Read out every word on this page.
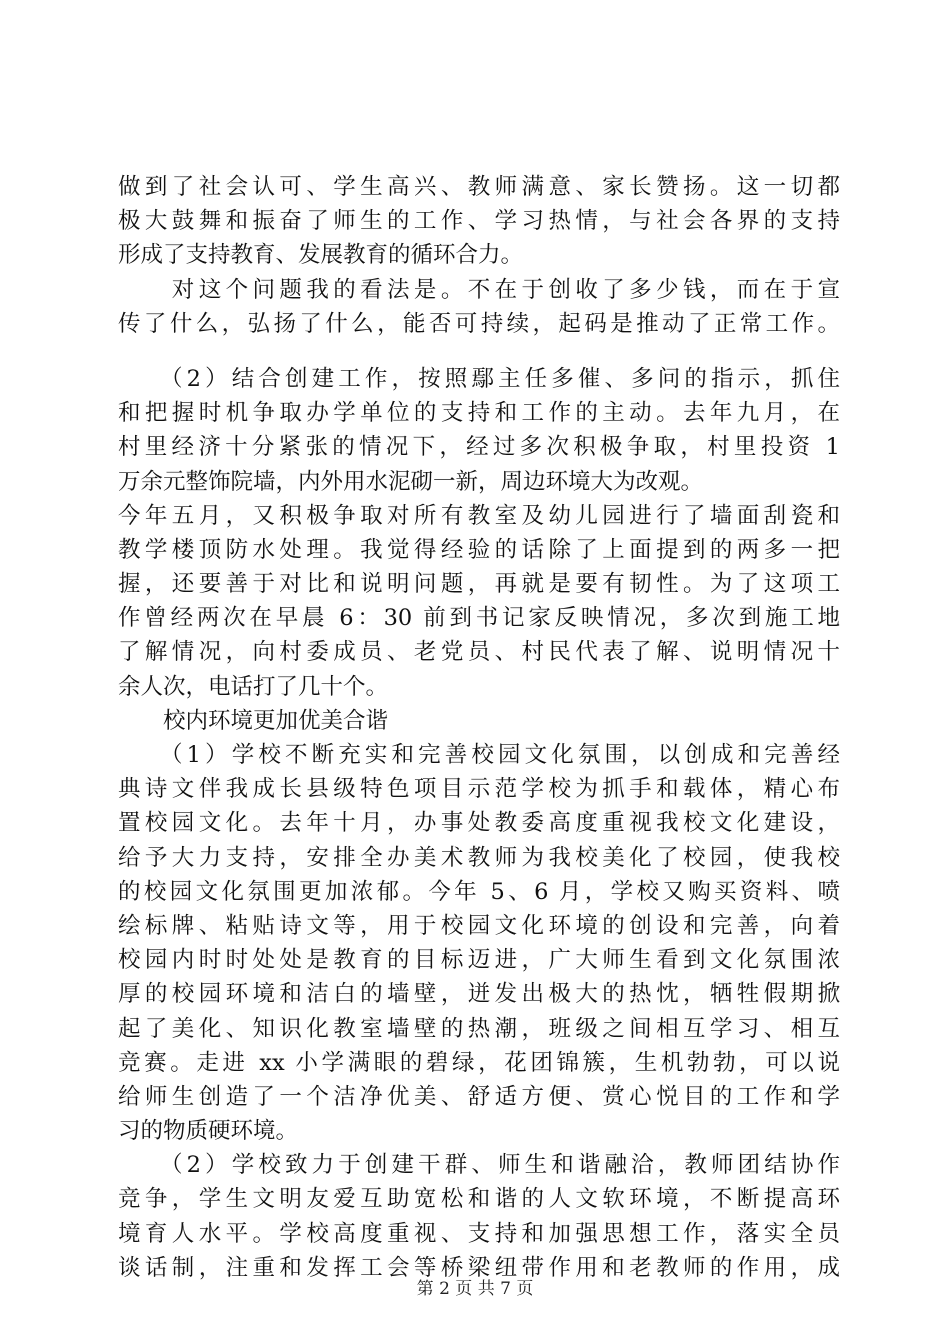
做到了社会认可、学生高兴、教师满意、家长赞扬。这一切都
极大鼓舞和振奋了师生的工作、学习热情，与社会各界的支持
形成了支持教育、发展教育的循环合力。
　　对这个问题我的看法是。不在于创收了多少钱，而在于宣
传了什么，弘扬了什么，能否可持续，起码是推动了正常工作。
　　（2）结合创建工作，按照鄢主任多催、多问的指示，抓住
和把握时机争取办学单位的支持和工作的主动。去年九月，在
村里经济十分紧张的情况下，经过多次积极争取，村里投资 1
万余元整饰院墙，内外用水泥砌一新，周边环境大为改观。
今年五月，又积极争取对所有教室及幼儿园进行了墙面刮瓷和
教学楼顶防水处理。我觉得经验的话除了上面提到的两多一把
握，还要善于对比和说明问题，再就是要有韧性。为了这项工
作曾经两次在早晨 6：30 前到书记家反映情况，多次到施工地
了解情况，向村委成员、老党员、村民代表了解、说明情况十
余人次，电话打了几十个。
　　校内环境更加优美合谐
　　（1）学校不断充实和完善校园文化氛围，以创成和完善经
典诗文伴我成长县级特色项目示范学校为抓手和载体，精心布
置校园文化。去年十月，办事处教委高度重视我校文化建设，
给予大力支持，安排全办美术教师为我校美化了校园，使我校
的校园文化氛围更加浓郁。今年 5、6 月，学校又购买资料、喷
绘标牌、粘贴诗文等，用于校园文化环境的创设和完善，向着
校园内时时处处是教育的目标迈进，广大师生看到文化氛围浓
厚的校园环境和洁白的墙壁，迸发出极大的热忱，牺牲假期掀
起了美化、知识化教室墙壁的热潮，班级之间相互学习、相互
竞赛。走进 xx 小学满眼的碧绿，花团锦簇，生机勃勃，可以说
给师生创造了一个洁净优美、舒适方便、赏心悦目的工作和学
习的物质硬环境。
　　（2）学校致力于创建干群、师生和谐融洽，教师团结协作
竞争，学生文明友爱互助宽松和谐的人文软环境，不断提高环
境育人水平。学校高度重视、支持和加强思想工作，落实全员
谈话制，注重和发挥工会等桥梁纽带作用和老教师的作用，成
第 2 页 共 7 页
